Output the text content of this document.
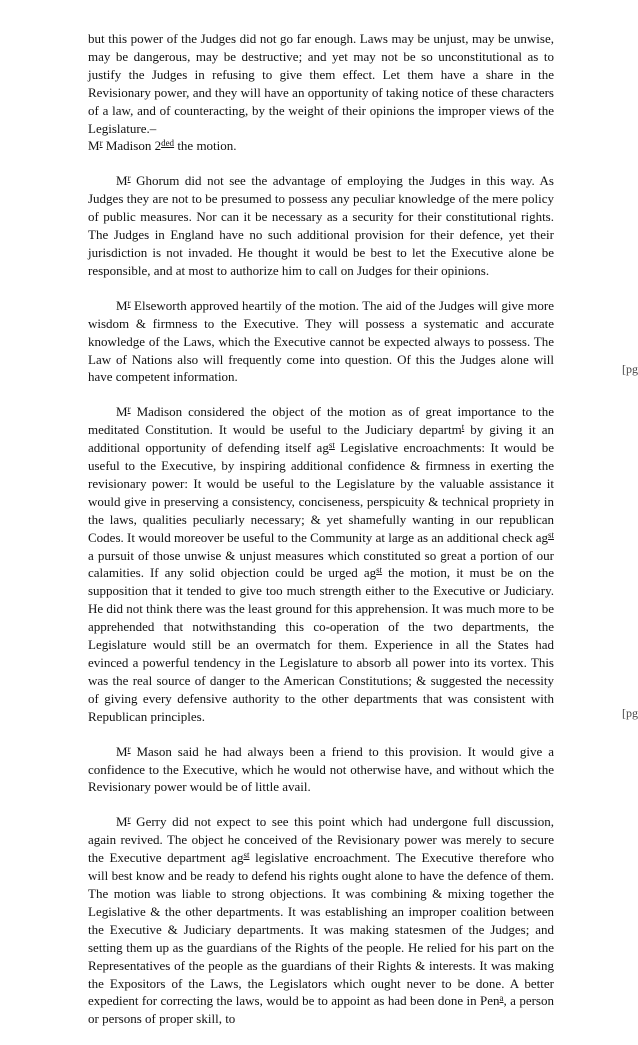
but this power of the Judges did not go far enough. Laws may be unjust, may be unwise, may be dangerous, may be destructive; and yet may not be so unconstitutional as to justify the Judges in refusing to give them effect. Let them have a share in the Revisionary power, and they will have an opportunity of taking notice of these characters of a law, and of counteracting, by the weight of their opinions the improper views of the Legislature.–
$M^r$ Madison $2^{ded}$ the motion.

$M^r$ Ghorum did not see the advantage of employing the Judges in this way. As Judges they are not to be presumed to possess any peculiar knowledge of the mere policy of public measures. Nor can it be necessary as a security for their constitutional rights. The Judges in England have no such additional provision for their defence, yet their jurisdiction is not invaded. He thought it would be best to let the Executive alone be responsible, and at most to authorize him to call on Judges for their opinions.

$M^r$ Elseworth approved heartily of the motion. The aid of the Judges will give more wisdom & firmness to the Executive. They will possess a systematic and accurate knowledge of the Laws, which the Executive cannot be expected always to possess. The Law of Nations also will frequently come into question. Of this the Judges alone will have competent information.

$M^r$ Madison considered the object of the motion as of great importance to the meditated Constitution. It would be useful to the Judiciary departm$^t$ by giving it an additional opportunity of defending itself $ag^{st}$ Legislative encroachments: It would be useful to the Executive, by inspiring additional confidence & firmness in exerting the revisionary power: It would be useful to the Legislature by the valuable assistance it would give in preserving a consistency, conciseness, perspicuity & technical propriety in the laws, qualities peculiarly necessary; & yet shamefully wanting in our republican Codes. It would moreover be useful to the Community at large as an additional check $ag^{st}$ a pursuit of those unwise & unjust measures which constituted so great a portion of our calamities. If any solid objection could be urged $ag^{st}$ the motion, it must be on the supposition that it tended to give too much strength either to the Executive or Judiciary. He did not think there was the least ground for this apprehension. It was much more to be apprehended that notwithstanding this co-operation of the two departments, the Legislature would still be an overmatch for them. Experience in all the States had evinced a powerful tendency in the Legislature to absorb all power into its vortex. This was the real source of danger to the American Constitutions; & suggested the necessity of giving every defensive authority to the other departments that was consistent with Republican principles.

$M^r$ Mason said he had always been a friend to this provision. It would give a confidence to the Executive, which he would not otherwise have, and without which the Revisionary power would be of little avail.

$M^r$ Gerry did not expect to see this point which had undergone full discussion, again revived. The object he conceived of the Revisionary power was merely to secure the Executive department $ag^{st}$ legislative encroachment. The Executive therefore who will best know and be ready to defend his rights ought alone to have the defence of them. The motion was liable to strong objections. It was combining & mixing together the Legislative & the other departments. It was establishing an improper coalition between the Executive & Judiciary departments. It was making statesmen of the Judges; and setting them up as the guardians of the Rights of the people. He relied for his part on the Representatives of the people as the guardians of their Rights & interests. It was making the Expositors of the Laws, the Legislators which ought never to be done. A better expedient for correcting the laws, would be to appoint as had been done in Pen$^a$, a person or persons of proper skill, to

[pg
[pg
